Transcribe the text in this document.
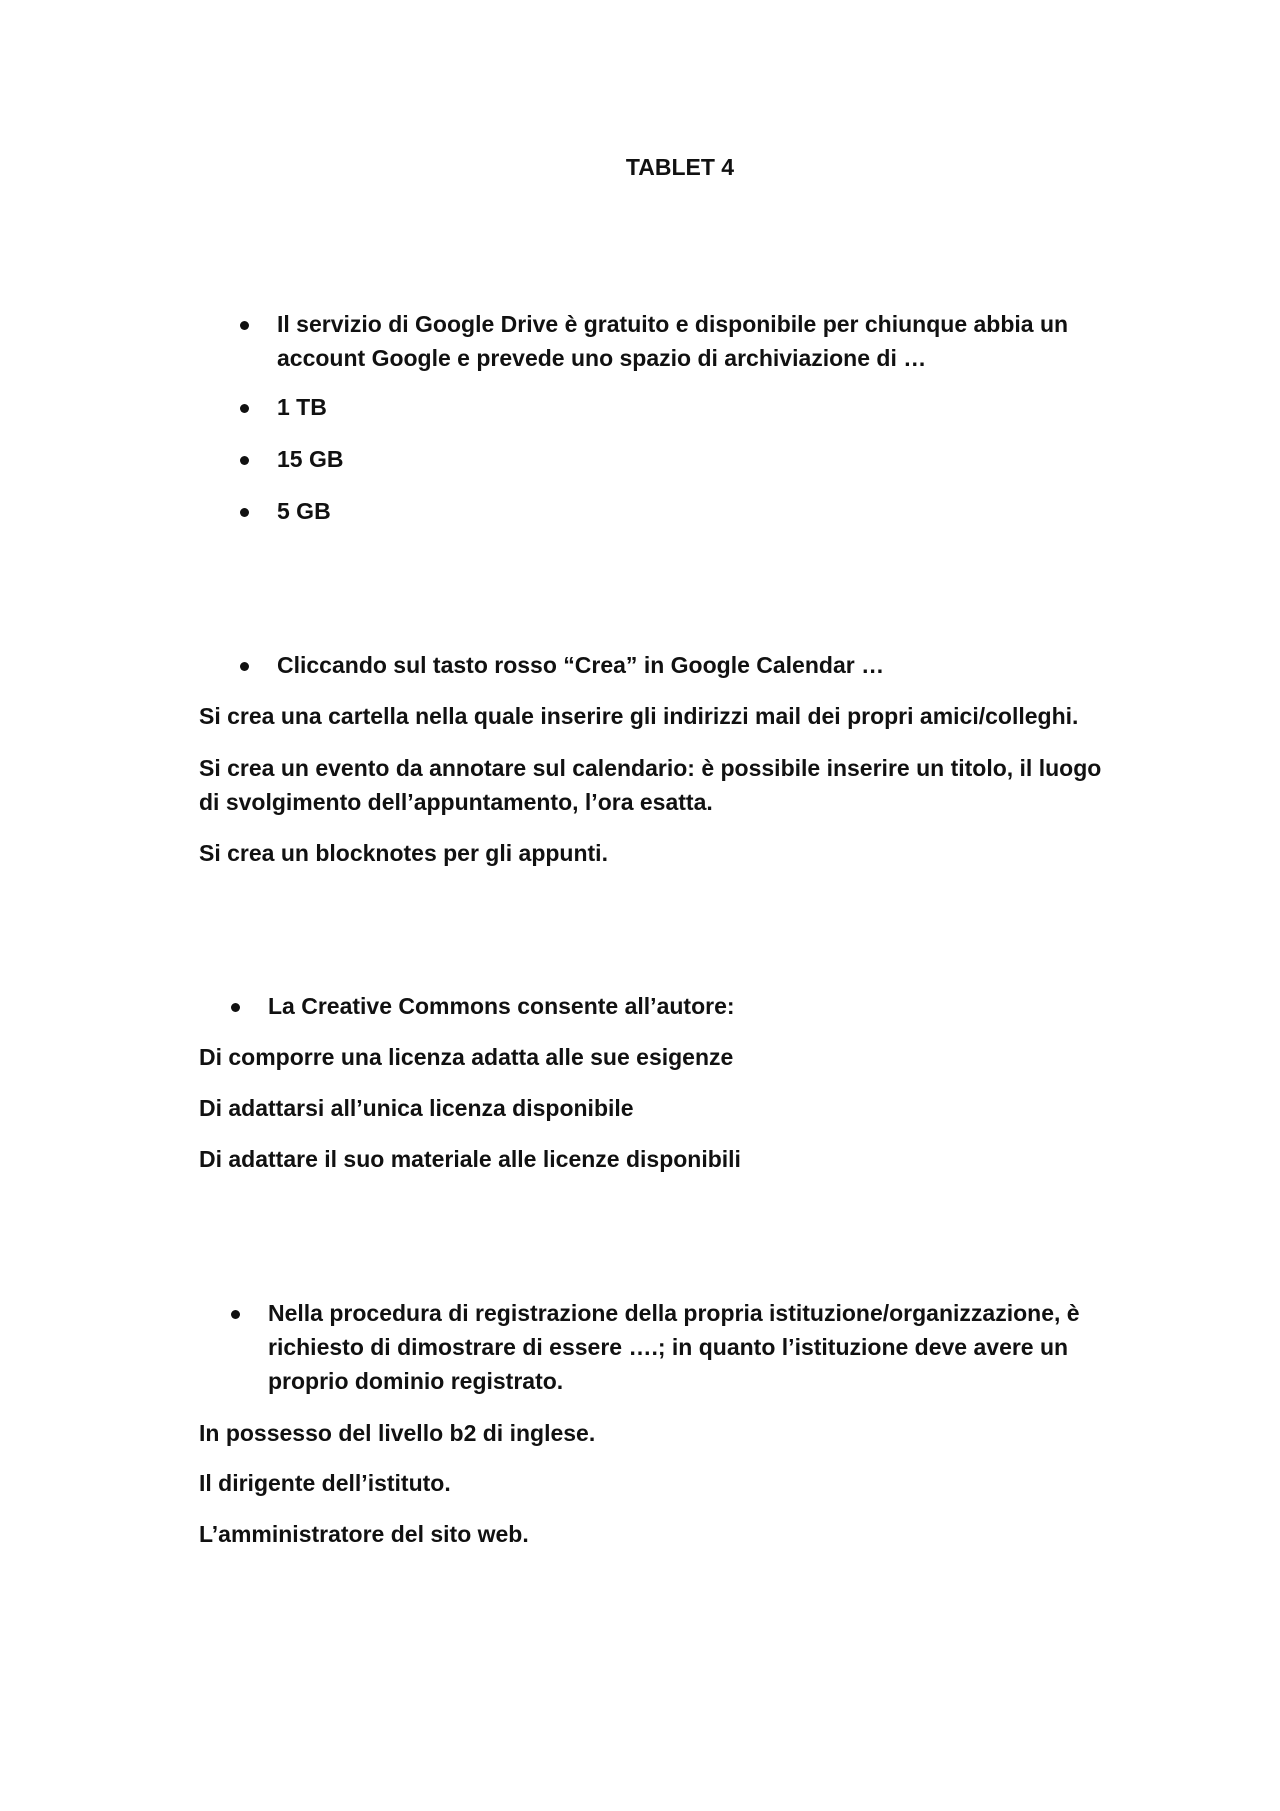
TABLET 4

Il servizio di Google Drive è gratuito e disponibile per chiunque abbia un account Google e prevede uno spazio di archiviazione di …

1 TB

15 GB

5 GB

Cliccando sul tasto rosso “Crea” in Google Calendar …

Si crea una cartella nella quale inserire gli indirizzi mail dei propri amici/colleghi.

Si crea un evento da annotare sul calendario: è possibile inserire un titolo, il luogo di svolgimento dell’appuntamento, l’ora esatta.

Si crea un blocknotes per gli appunti.

La Creative Commons consente all’autore:

Di comporre una licenza adatta alle sue esigenze

Di adattarsi all’unica licenza disponibile

Di adattare il suo materiale alle licenze disponibili

Nella procedura di registrazione della propria istituzione/organizzazione, è richiesto di dimostrare di essere ….; in quanto l’istituzione deve avere un proprio dominio registrato.

In possesso del livello b2 di inglese.

Il dirigente dell’istituto.

L’amministratore del sito web.
